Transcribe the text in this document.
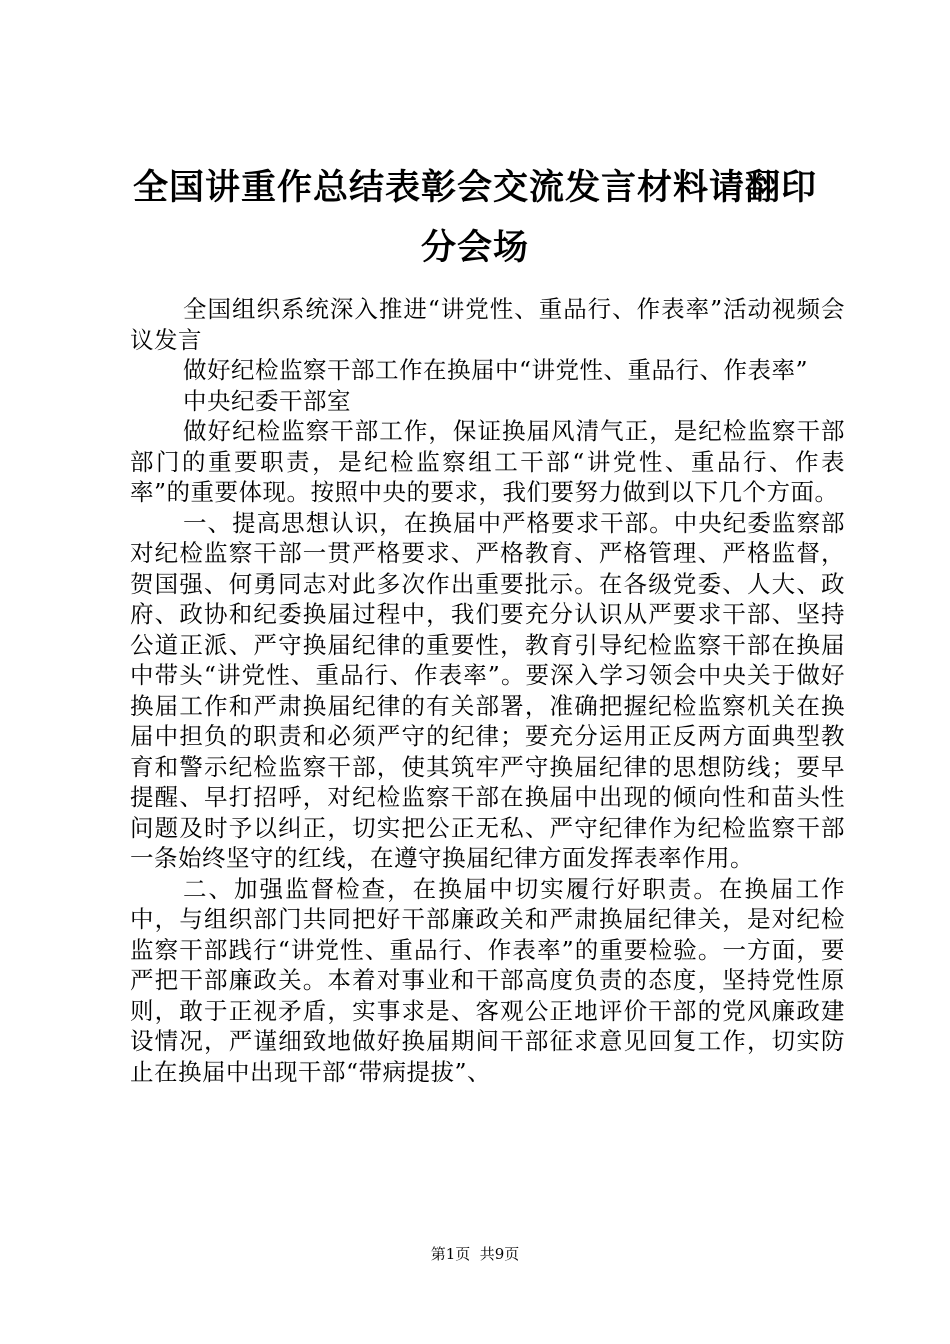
全国讲重作总结表彰会交流发言材料请翻印分会场

全国组织系统深入推进“讲党性、重品行、作表率”活动视频会议发言

做好纪检监察干部工作在换届中“讲党性、重品行、作表率”

中央纪委干部室

做好纪检监察干部工作，保证换届风清气正，是纪检监察干部部门的重要职责，是纪检监察组工干部“讲党性、重品行、作表率”的重要体现。按照中央的要求，我们要努力做到以下几个方面。

一、提高思想认识，在换届中严格要求干部。中央纪委监察部对纪检监察干部一贯严格要求、严格教育、严格管理、严格监督，贺国强、何勇同志对此多次作出重要批示。在各级党委、人大、政府、政协和纪委换届过程中，我们要充分认识从严要求干部、坚持公道正派、严守换届纪律的重要性，教育引导纪检监察干部在换届中带头“讲党性、重品行、作表率”。要深入学习领会中央关于做好换届工作和严肃换届纪律的有关部署，准确把握纪检监察机关在换届中担负的职责和必须严守的纪律；要充分运用正反两方面典型教育和警示纪检监察干部，使其筑牢严守换届纪律的思想防线；要早提醒、早打招呼，对纪检监察干部在换届中出现的倾向性和苗头性问题及时予以纠正，切实把公正无私、严守纪律作为纪检监察干部一条始终坚守的红线，在遵守换届纪律方面发挥表率作用。

二、加强监督检查，在换届中切实履行好职责。在换届工作中，与组织部门共同把好干部廉政关和严肃换届纪律关，是对纪检监察干部践行“讲党性、重品行、作表率”的重要检验。一方面，要严把干部廉政关。本着对事业和干部高度负责的态度，坚持党性原则，敢于正视矛盾，实事求是、客观公正地评价干部的党风廉政建设情况，严谨细致地做好换届期间干部征求意见回复工作，切实防止在换届中出现干部“带病提拔”、

第1页  共9页
